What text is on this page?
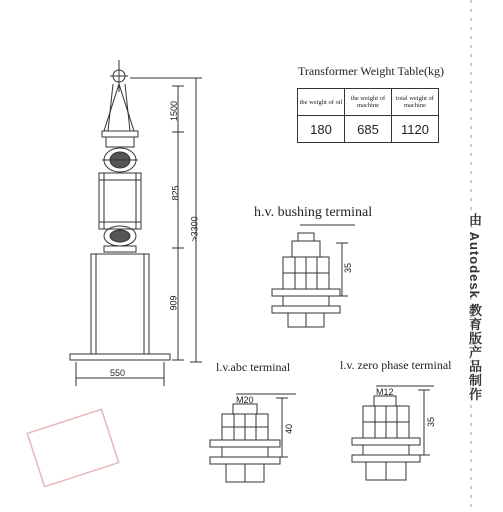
Transformer Weight Table(kg)
the weight of oil	the weight of machine	total weight of machine
180	685	1120
1500
825
>3300
909
550
h.v. bushing terminal
35
l.v.abc terminal
M20
40
l.v. zero phase terminal
M12
35
由 Autodesk 教育版产品制作
